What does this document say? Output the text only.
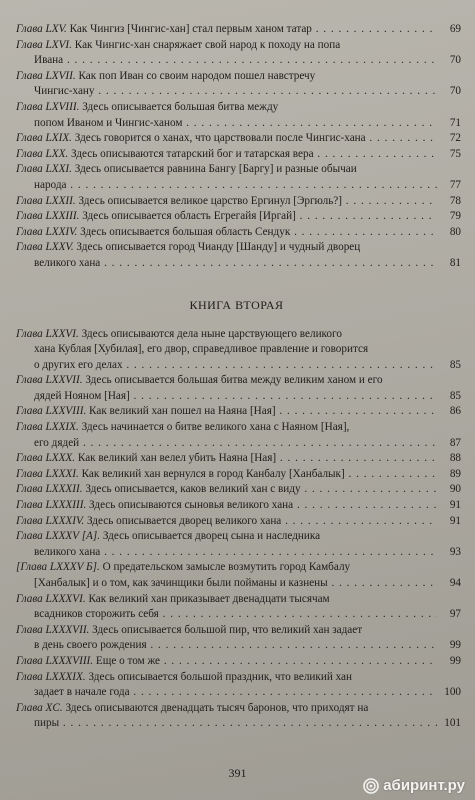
Глава LXV. Как Чингиз [Чингис-хан] стал первым ханом татар . . .	69

Глава LXVI. Как Чингис-хан снаряжает свой народ к походу на попа
Ивана . . .	70

Глава LXVII. Как поп Иван со своим народом пошел навстречу
Чингис-хану . . .	70

Глава LXVIII. Здесь описывается большая битва между
попом Иваном и Чингис-ханом . . .	71

Глава LXIX. Здесь говорится о ханах, что царствовали после Чингис-хана . . .	72

Глава LXX. Здесь описываются татарский бог и татарская вера . . .	75

Глава LXXI. Здесь описывается равнина Бангу [Баргу] и разные обычаи
народа . . .	77

Глава LXXII. Здесь описывается великое царство Ергинул [Эргюль?] . . .	78

Глава LXXIII. Здесь описывается область Егрегайя [Иргай] . . .	79

Глава LXXIV. Здесь описывается большая область Сендук . . .	80

Глава LXXV. Здесь описывается город Чианду [Шанду] и чудный дворец
великого хана . . .	81

КНИГА ВТОРАЯ

Глава LXXVI. Здесь описываются дела ныне царствующего великого
хана Кублая [Хубилая], его двор, справедливое правление и говорится
о других его делах . . .	85

Глава LXXVII. Здесь описывается большая битва между великим ханом и его
дядей Нояном [Ная] . . .	85

Глава LXXVIII. Как великий хан пошел на Наяна [Ная] . . .	86

Глава LXXIX. Здесь начинается о битве великого хана с Наяном [Ная],
его дядей . . .	87

Глава LXXX. Как великий хан велел убить Наяна [Ная] . . .	88

Глава LXXXI. Как великий хан вернулся в город Канбалу [Ханбалык] . . .	89

Глава LXXXII. Здесь описывается, каков великий хан с виду . . .	90

Глава LXXXIII. Здесь описываются сыновья великого хана . . .	91

Глава LXXXIV. Здесь описывается дворец великого хана . . .	91

Глава LXXXV [А]. Здесь описывается дворец сына и наследника
великого хана . . .	93

[Глава LXXXV Б]. О предательском замысле возмутить город Камбалу
[Ханбалык] и о том, как зачинщики были пойманы и казнены . . .	94

Глава LXXXVI. Как великий хан приказывает двенадцати тысячам
всадников сторожить себя . . .	97

Глава LXXXVII. Здесь описывается большой пир, что великий хан задает
в день своего рождения . . .	99

Глава LXXXVIII. Еще о том же . . .	99

Глава LXXXIX. Здесь описывается большой праздник, что великий хан
задает в начале года . . .	100

Глава XC. Здесь описываются двенадцать тысяч баронов, что приходят на
пиры . . .	101

391
абиринт.ру
